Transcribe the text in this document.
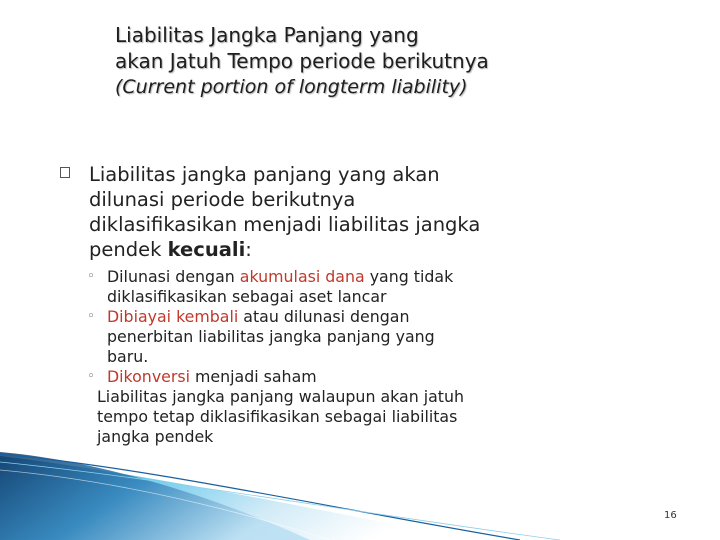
Liabilitas Jangka Panjang yang
akan Jatuh Tempo periode berikutnya
(Current portion of longterm liability)
Liabilitas jangka panjang yang akan
dilunasi periode berikutnya
diklasifikasikan menjadi liabilitas jangka
pendek kecuali:
◦ Dilunasi dengan akumulasi dana yang tidak
diklasifikasikan sebagai aset lancar
◦ Dibiayai kembali atau dilunasi dengan
penerbitan liabilitas jangka panjang yang
baru.
◦ Dikonversi menjadi saham
Liabilitas jangka panjang walaupun akan jatuh
tempo tetap diklasifikasikan sebagai liabilitas
jangka pendek
16
